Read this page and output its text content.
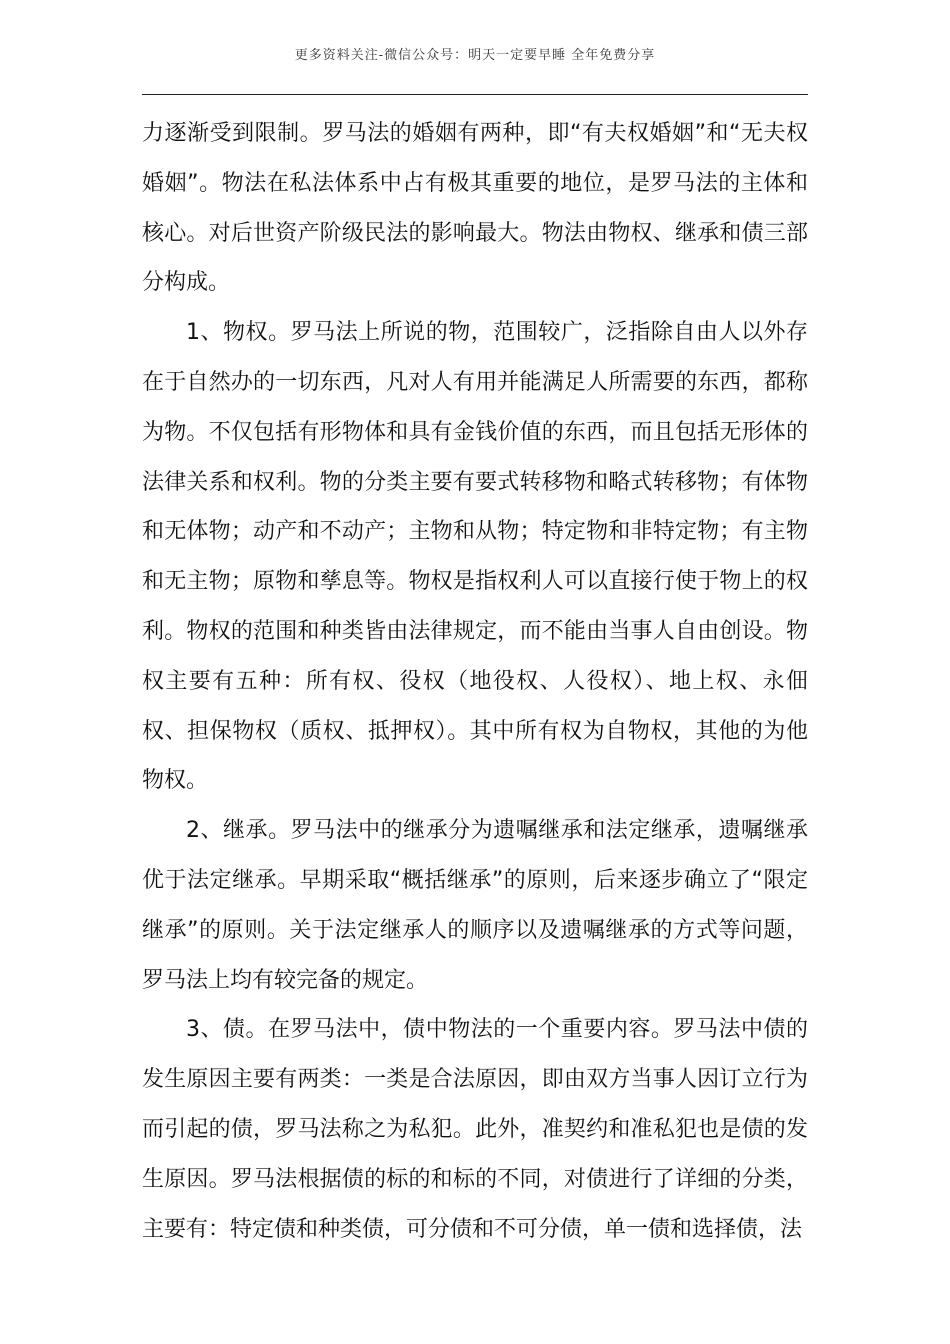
更多资料关注-微信公众号：明天一定要早睡 全年免费分享

力逐渐受到限制。罗马法的婚姻有两种，即“有夫权婚姻”和“无夫权婚姻”。物法在私法体系中占有极其重要的地位，是罗马法的主体和核心。对后世资产阶级民法的影响最大。物法由物权、继承和债三部分构成。

1、物权。罗马法上所说的物，范围较广，泛指除自由人以外存在于自然办的一切东西，凡对人有用并能满足人所需要的东西，都称为物。不仅包括有形物体和具有金钱价值的东西，而且包括无形体的法律关系和权利。物的分类主要有要式转移物和略式转移物；有体物和无体物；动产和不动产；主物和从物；特定物和非特定物；有主物和无主物；原物和孳息等。物权是指权利人可以直接行使于物上的权利。物权的范围和种类皆由法律规定，而不能由当事人自由创设。物权主要有五种：所有权、役权（地役权、人役权）、地上权、永佃权、担保物权（质权、抵押权）。其中所有权为自物权，其他的为他物权。

2、继承。罗马法中的继承分为遗嘱继承和法定继承，遗嘱继承优于法定继承。早期采取“概括继承”的原则，后来逐步确立了“限定继承”的原则。关于法定继承人的顺序以及遗嘱继承的方式等问题，罗马法上均有较完备的规定。

3、债。在罗马法中，债中物法的一个重要内容。罗马法中债的发生原因主要有两类：一类是合法原因，即由双方当事人因订立行为而引起的债，罗马法称之为私犯。此外，准契约和准私犯也是债的发生原因。罗马法根据债的标的和标的不同，对债进行了详细的分类，主要有：特定债和种类债，可分债和不可分债，单一债和选择债，法
